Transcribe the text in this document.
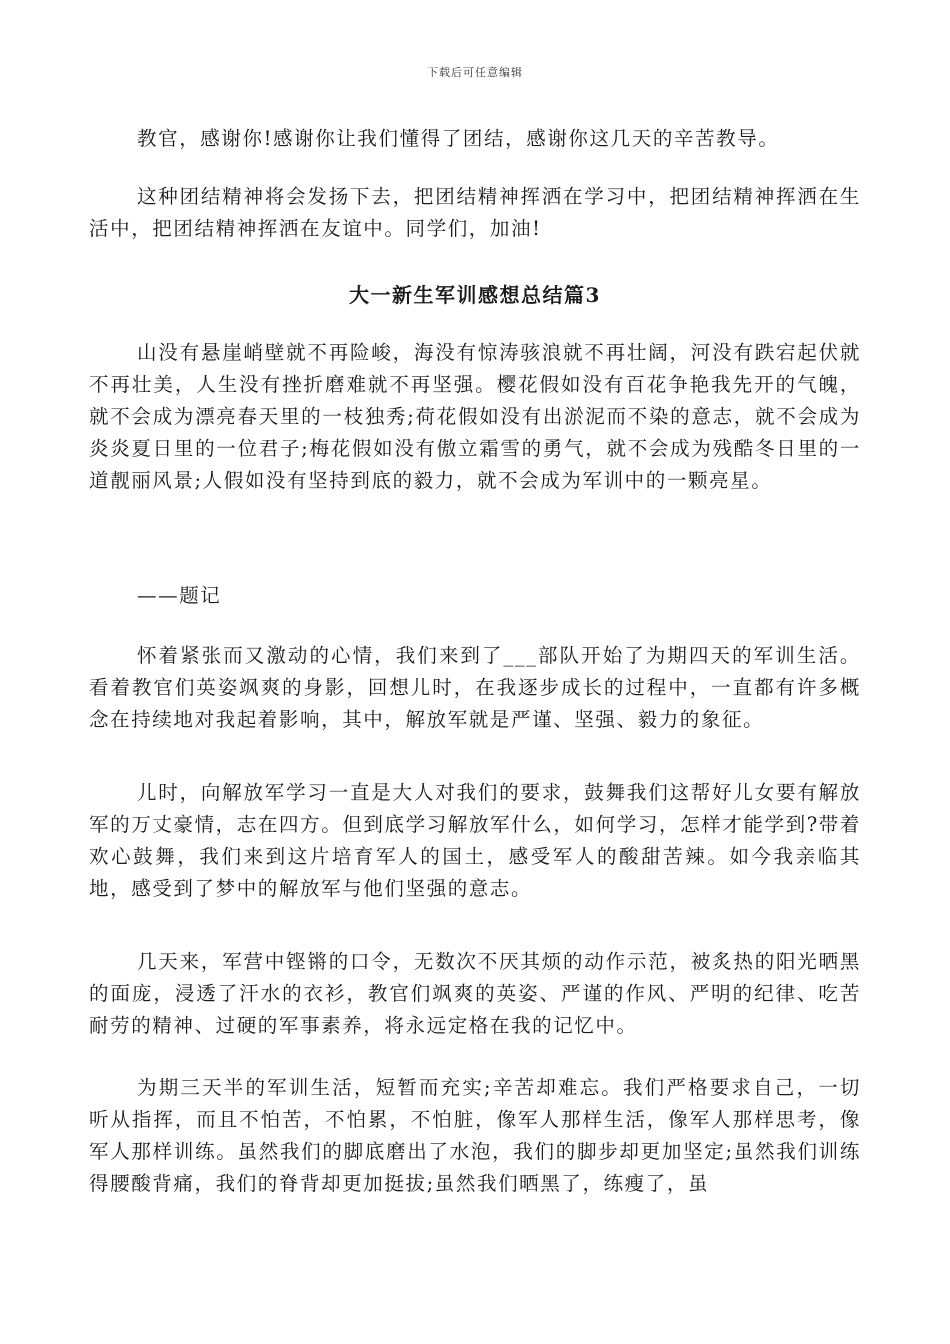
下载后可任意编辑

教官，感谢你!感谢你让我们懂得了团结，感谢你这几天的辛苦教导。

这种团结精神将会发扬下去，把团结精神挥洒在学习中，把团结精神挥洒在生活中，把团结精神挥洒在友谊中。同学们，加油!

大一新生军训感想总结篇3

山没有悬崖峭壁就不再险峻，海没有惊涛骇浪就不再壮阔，河没有跌宕起伏就不再壮美，人生没有挫折磨难就不再坚强。樱花假如没有百花争艳我先开的气魄，就不会成为漂亮春天里的一枝独秀;荷花假如没有出淤泥而不染的意志，就不会成为炎炎夏日里的一位君子;梅花假如没有傲立霜雪的勇气，就不会成为残酷冬日里的一道靓丽风景;人假如没有坚持到底的毅力，就不会成为军训中的一颗亮星。

——题记

怀着紧张而又激动的心情，我们来到了___部队开始了为期四天的军训生活。看着教官们英姿飒爽的身影，回想儿时，在我逐步成长的过程中，一直都有许多概念在持续地对我起着影响，其中，解放军就是严谨、坚强、毅力的象征。

儿时，向解放军学习一直是大人对我们的要求，鼓舞我们这帮好儿女要有解放军的万丈豪情，志在四方。但到底学习解放军什么，如何学习，怎样才能学到?带着欢心鼓舞，我们来到这片培育军人的国土，感受军人的酸甜苦辣。如今我亲临其地，感受到了梦中的解放军与他们坚强的意志。

几天来，军营中铿锵的口令，无数次不厌其烦的动作示范，被炙热的阳光晒黑的面庞，浸透了汗水的衣衫，教官们飒爽的英姿、严谨的作风、严明的纪律、吃苦耐劳的精神、过硬的军事素养，将永远定格在我的记忆中。

为期三天半的军训生活，短暂而充实;辛苦却难忘。我们严格要求自己，一切听从指挥，而且不怕苦，不怕累，不怕脏，像军人那样生活，像军人那样思考，像军人那样训练。虽然我们的脚底磨出了水泡，我们的脚步却更加坚定;虽然我们训练得腰酸背痛，我们的脊背却更加挺拔;虽然我们晒黑了，练瘦了，虽
